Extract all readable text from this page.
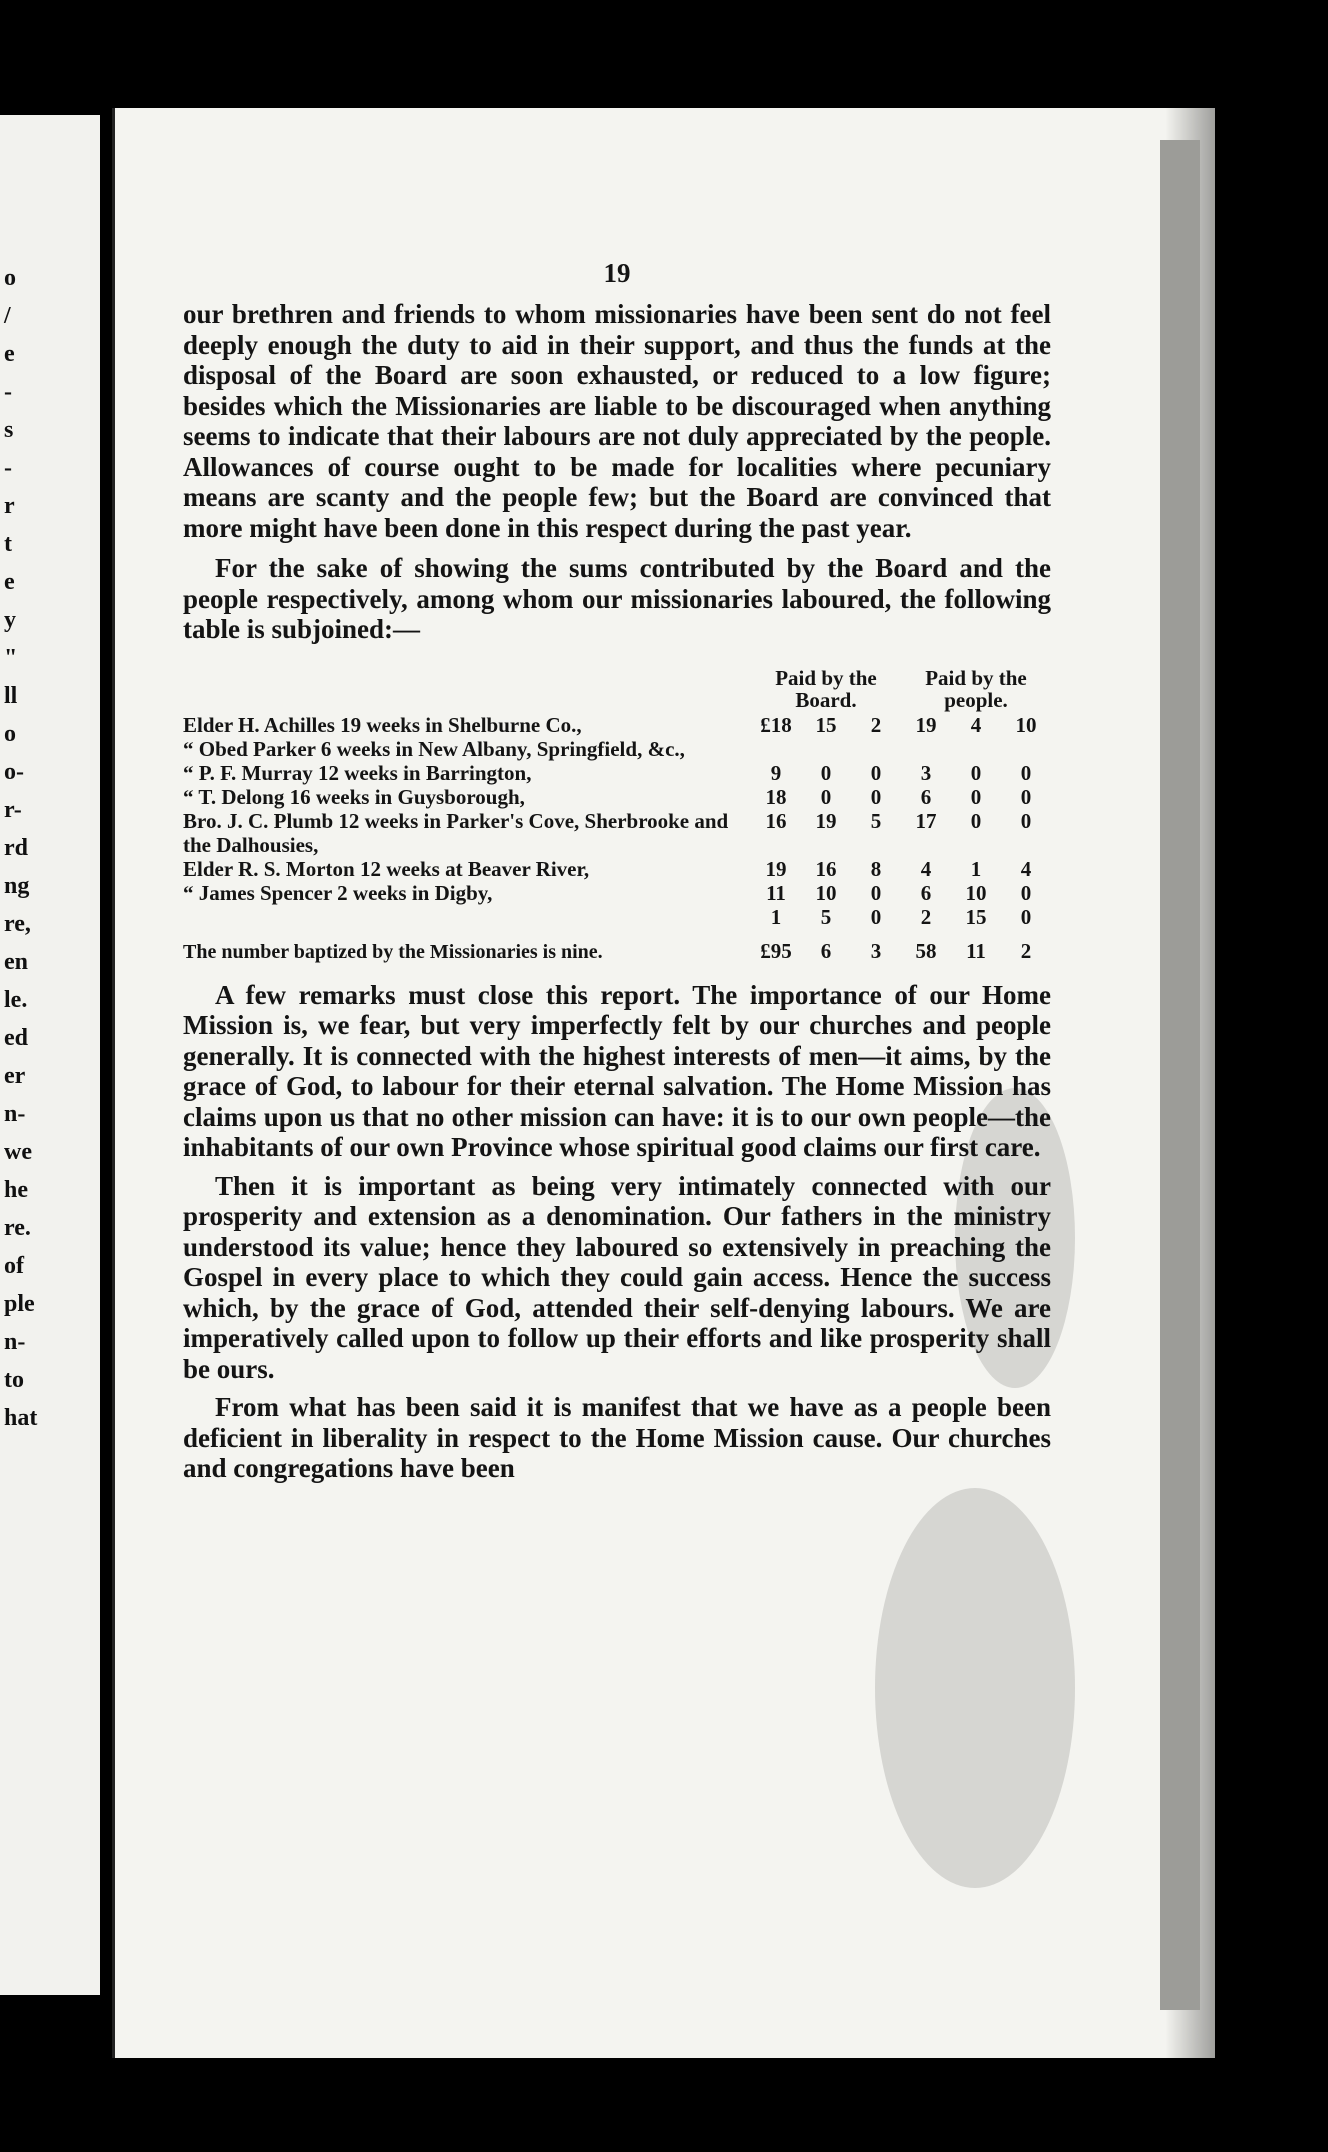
o
/
e
-
s
-
r
t
e
y
"
ll
o
o-
r-
rd
ng
re,
en
le.
ed
er
n-
we
he
re.
of
ple
n-
to
hat
19

our brethren and friends to whom missionaries have been sent do not feel deeply enough the duty to aid in their support, and thus the funds at the disposal of the Board are soon exhausted, or reduced to a low figure; besides which the Missionaries are liable to be discouraged when anything seems to indicate that their labours are not duly appreciated by the people. Allowances of course ought to be made for localities where pecuniary means are scanty and the people few; but the Board are convinced that more might have been done in this respect during the past year.

For the sake of showing the sums contributed by the Board and the people respectively, among whom our missionaries laboured, the following table is subjoined:—

Paid by the Board.
Paid by the people.
Elder H. Achilles 19 weeks in Shelburne Co.,	£18	15	2	19	4	10
“ Obed Parker 6 weeks in New Albany, Springfield, &c.,
“ P. F. Murray 12 weeks in Barrington,	9	0	0	3	0	0
“ T. Delong 16 weeks in Guysborough,	18	0	0	6	0	0
Bro. J. C. Plumb 12 weeks in Parker's Cove, Sherbrooke and the Dalhousies,
16	19	5	17	0	0
Elder R. S. Morton 12 weeks at Beaver River,	19	16	8	4	1	4
“ James Spencer 2 weeks in Digby,	11	10	0	6	10	0
1	5	0	2	15	0
The number baptized by the Missionaries is nine.	£95	6	3	58	11	2

A few remarks must close this report. The importance of our Home Mission is, we fear, but very imperfectly felt by our churches and people generally. It is connected with the highest interests of men—it aims, by the grace of God, to labour for their eternal salvation. The Home Mission has claims upon us that no other mission can have: it is to our own people—the inhabitants of our own Province whose spiritual good claims our first care.

Then it is important as being very intimately connected with our prosperity and extension as a denomination. Our fathers in the ministry understood its value; hence they laboured so extensively in preaching the Gospel in every place to which they could gain access. Hence the success which, by the grace of God, attended their self-denying labours. We are imperatively called upon to follow up their efforts and like prosperity shall be ours.

From what has been said it is manifest that we have as a people been deficient in liberality in respect to the Home Mission cause. Our churches and congregations have been
